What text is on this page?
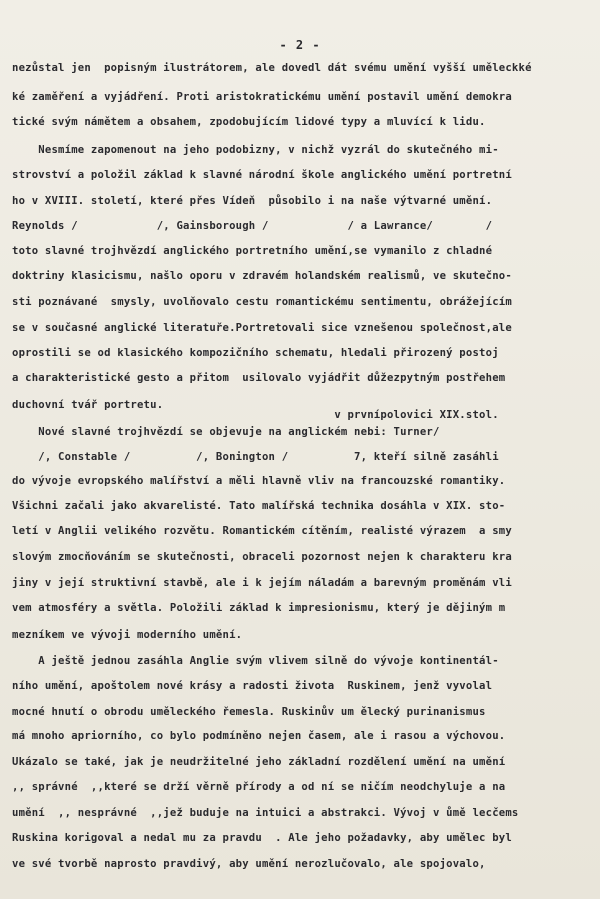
- 2 -
nezůstal jen  popisným ilustrátorem, ale dovedl dát svému umění vyšší uměleckké
ké zaměření a vyjádření. Proti aristokratickému umění postavil umění demokra
tické svým námětem a obsahem, zpodobujícím lidové typy a mluvící k lidu.
Nesmíme zapomenout na jeho podobizny, v nichž vyzrál do skutečného mi-
strovství a položil základ k slavné národní škole anglického umění portretní
ho v XVIII. století, které přes Vídeň  působilo i na naše výtvarné umění.
Reynolds /            /, Gainsborough /            / a Lawrance/        /
toto slavné trojhvězdí anglického portretního umění,se vymanilo z chladné
doktriny klasicismu, našlo oporu v zdravém holandském realismů, ve skutečno-
sti poznávané  smysly, uvolňovalo cestu romantickému sentimentu, obrážejícím
se v současné anglické literatuře.Portretovali sice vznešenou společnost,ale
oprostili se od klasického kompozičního schematu, hledali přirozený postoj
a charakteristické gesto a přitom  usilovalo vyjádřit důžezpytným postřehem
duchovní tvář portretu.
v prvnípolovici XIX.stol.
Nové slavné trojhvězdí se objevuje na anglickém nebi: Turner/
/, Constable /          /, Bonington /          7, kteří silně zasáhli
do vývoje evropského malířství a měli hlavně vliv na francouzské romantiky.
Všichni začali jako akvarelisté. Tato malířská technika dosáhla v XIX. sto-
letí v Anglii velikého rozvětu. Romantickém cítěním, realisté výrazem  a smy
slovým zmocňováním se skutečnosti, obraceli pozornost nejen k charakteru kra
jiny v její struktivní stavbě, ale i k jejím náladám a barevným proměnám vli
vem atmosféry a světla. Položili základ k impresionismu, který je dějiným m
mezníkem ve vývoji moderního umění.
A ještě jednou zasáhla Anglie svým vlivem silně do vývoje kontinentál-
ního umění, apoštolem nové krásy a radosti života  Ruskinem, jenž vyvolal
mocné hnutí o obrodu uměleckého řemesla. Ruskinův um ělecký purinanismus
má mnoho apriorního, co bylo podmíněno nejen časem, ale i rasou a výchovou.
Ukázalo se také, jak je neudržitelné jeho základní rozdělení umění na umění
,, správné  ,,které se drží věrně přírody a od ní se ničím neodchyluje a na
umění  ,, nesprávné  ,,jež buduje na intuici a abstrakci. Vývoj v ůmě lecčems
Ruskina korigoval a nedal mu za pravdu  . Ale jeho požadavky, aby umělec byl
ve své tvorbě naprosto pravdivý, aby umění nerozlučovalo, ale spojovalo,
